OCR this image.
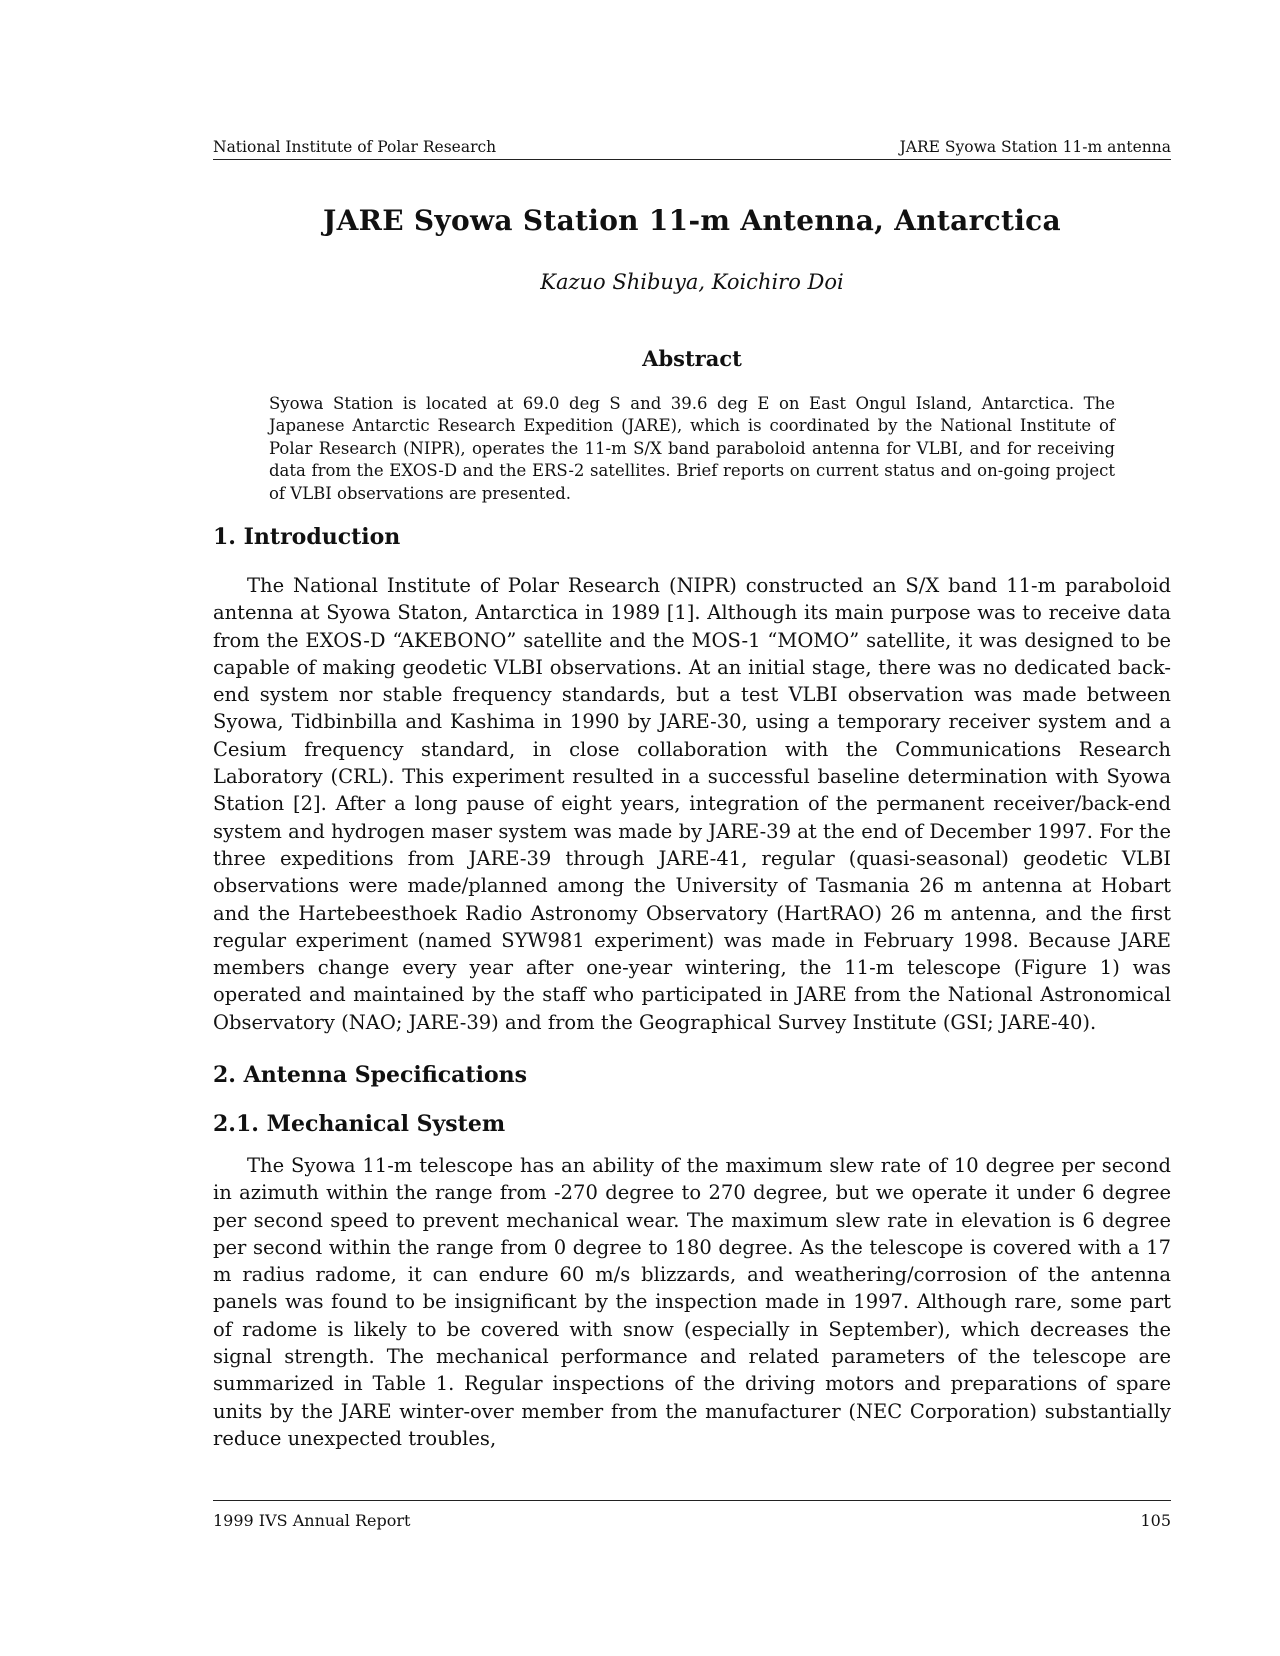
National Institute of Polar Research	JARE Syowa Station 11-m antenna
JARE Syowa Station 11-m Antenna, Antarctica
Kazuo Shibuya, Koichiro Doi
Abstract

Syowa Station is located at 69.0 deg S and 39.6 deg E on East Ongul Island, Antarctica. The Japanese Antarctic Research Expedition (JARE), which is coordinated by the National Institute of Polar Research (NIPR), operates the 11-m S/X band paraboloid antenna for VLBI, and for receiving data from the EXOS-D and the ERS-2 satellites. Brief reports on current status and on-going project of VLBI observations are presented.

1. Introduction

The National Institute of Polar Research (NIPR) constructed an S/X band 11-m paraboloid antenna at Syowa Staton, Antarctica in 1989 [1]. Although its main purpose was to receive data from the EXOS-D “AKEBONO” satellite and the MOS-1 “MOMO” satellite, it was designed to be capable of making geodetic VLBI observations. At an initial stage, there was no dedicated back-end system nor stable frequency standards, but a test VLBI observation was made between Syowa, Tidbinbilla and Kashima in 1990 by JARE-30, using a temporary receiver system and a Cesium frequency standard, in close collaboration with the Communications Research Laboratory (CRL). This experiment resulted in a successful baseline determination with Syowa Station [2]. After a long pause of eight years, integration of the permanent receiver/back-end system and hydrogen maser system was made by JARE-39 at the end of December 1997. For the three expeditions from JARE-39 through JARE-41, regular (quasi-seasonal) geodetic VLBI observations were made/planned among the University of Tasmania 26 m antenna at Hobart and the Hartebeesthoek Radio Astronomy Observatory (HartRAO) 26 m antenna, and the first regular experiment (named SYW981 experiment) was made in February 1998. Because JARE members change every year after one-year wintering, the 11-m telescope (Figure 1) was operated and maintained by the staff who participated in JARE from the National Astronomical Observatory (NAO; JARE-39) and from the Geographical Survey Institute (GSI; JARE-40).

2. Antenna Specifications
2.1. Mechanical System

The Syowa 11-m telescope has an ability of the maximum slew rate of 10 degree per second in azimuth within the range from -270 degree to 270 degree, but we operate it under 6 degree per second speed to prevent mechanical wear. The maximum slew rate in elevation is 6 degree per second within the range from 0 degree to 180 degree. As the telescope is covered with a 17 m radius radome, it can endure 60 m/s blizzards, and weathering/corrosion of the antenna panels was found to be insignificant by the inspection made in 1997. Although rare, some part of radome is likely to be covered with snow (especially in September), which decreases the signal strength. The mechanical performance and related parameters of the telescope are summarized in Table 1. Regular inspections of the driving motors and preparations of spare units by the JARE winter-over member from the manufacturer (NEC Corporation) substantially reduce unexpected troubles,

1999 IVS Annual Report	105
